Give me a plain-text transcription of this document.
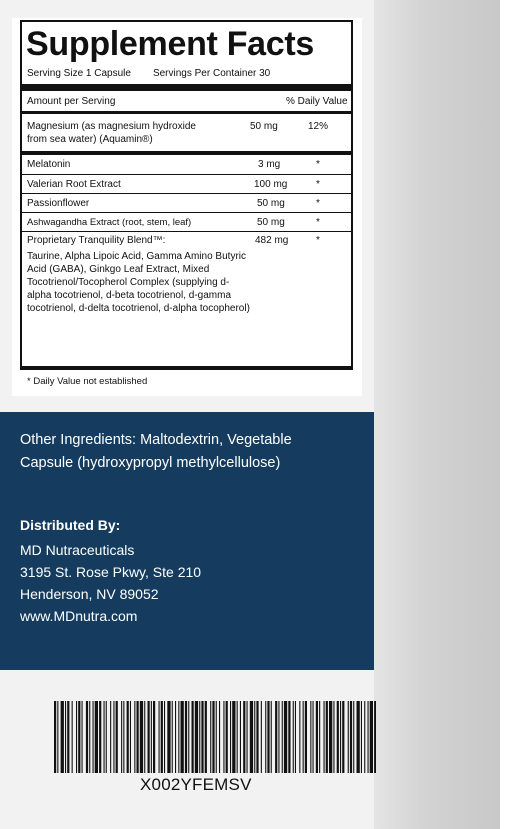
Supplement Facts
Serving Size 1 Capsule Servings Per Container 30
Amount per Serving	% Daily Value
Magnesium (as magnesium hydroxide
from sea water) (Aquamin®)
50 mg	12%
Melatonin	3 mg	*
Valerian Root Extract	100 mg	*
Passionflower	50 mg	*
Ashwagandha Extract (root, stem, leaf)	50 mg	*
Proprietary Tranquility Blend™:	482 mg	*
Taurine, Alpha Lipoic Acid, Gamma Amino Butyric Acid (GABA), Ginkgo Leaf Extract, Mixed Tocotrienol/Tocopherol Complex (supplying d-alpha tocotrienol, d-beta tocotrienol, d-gamma tocotrienol, d-delta tocotrienol, d-alpha tocopherol)
* Daily Value not established
Other Ingredients: Maltodextrin, Vegetable Capsule (hydroxypropyl methylcellulose)
Distributed By:
MD Nutraceuticals
3195 St. Rose Pkwy, Ste 210
Henderson, NV 89052
www.MDnutra.com
X002YFEMSV
